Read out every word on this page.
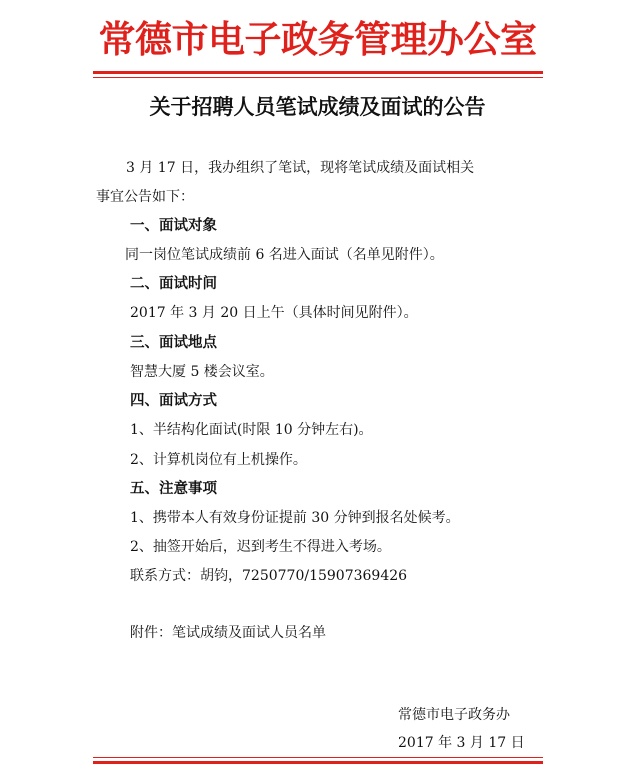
常德市电子政务管理办公室
关于招聘人员笔试成绩及面试的公告
3 月 17 日，我办组织了笔试，现将笔试成绩及面试相关
事宜公告如下：
一、面试对象
同一岗位笔试成绩前 6 名进入面试（名单见附件）。
二、面试时间
2017 年 3 月 20 日上午（具体时间见附件）。
三、面试地点
智慧大厦 5 楼会议室。
四、面试方式
1、半结构化面试(时限 10 分钟左右)。
2、计算机岗位有上机操作。
五、注意事项
1、携带本人有效身份证提前 30 分钟到报名处候考。
2、抽签开始后，迟到考生不得进入考场。
联系方式：胡钧，7250770/15907369426
附件：笔试成绩及面试人员名单
常德市电子政务办
2017 年 3 月 17 日
